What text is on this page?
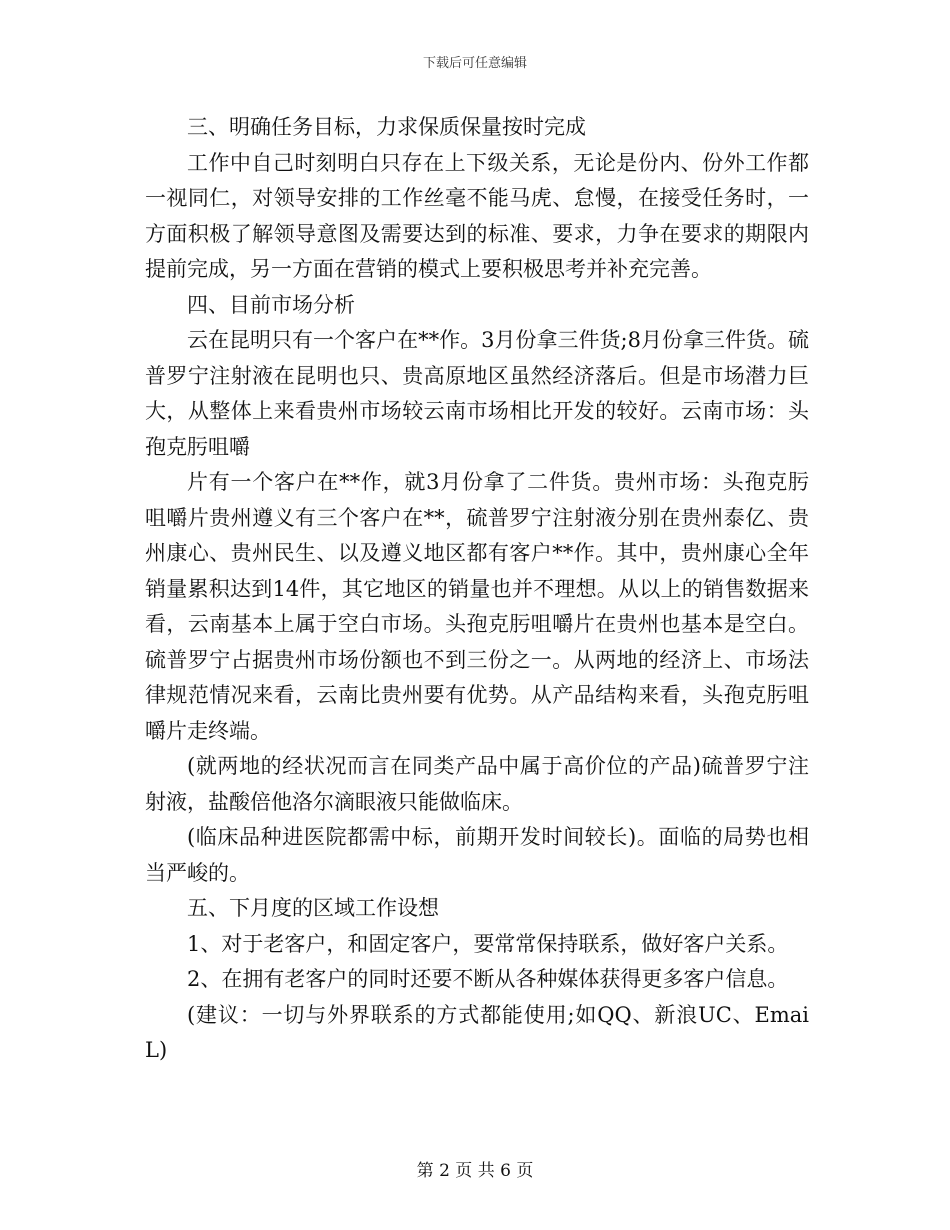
下载后可任意编辑

三、明确任务目标，力求保质保量按时完成

工作中自己时刻明白只存在上下级关系，无论是份内、份外工作都一视同仁，对领导安排的工作丝毫不能马虎、怠慢，在接受任务时，一方面积极了解领导意图及需要达到的标准、要求，力争在要求的期限内提前完成，另一方面在营销的模式上要积极思考并补充完善。

四、目前市场分析

云在昆明只有一个客户在**作。3月份拿三件货;8月份拿三件货。硫普罗宁注射液在昆明也只、贵高原地区虽然经济落后。但是市场潜力巨大，从整体上来看贵州市场较云南市场相比开发的较好。云南市场：头孢克肟咀嚼

片有一个客户在**作，就3月份拿了二件货。贵州市场：头孢克肟咀嚼片贵州遵义有三个客户在**，硫普罗宁注射液分别在贵州泰亿、贵州康心、贵州民生、以及遵义地区都有客户**作。其中，贵州康心全年销量累积达到14件，其它地区的销量也并不理想。从以上的销售数据来看，云南基本上属于空白市场。头孢克肟咀嚼片在贵州也基本是空白。硫普罗宁占据贵州市场份额也不到三份之一。从两地的经济上、市场法律规范情况来看，云南比贵州要有优势。从产品结构来看，头孢克肟咀嚼片走终端。

(就两地的经状况而言在同类产品中属于高价位的产品)硫普罗宁注射液，盐酸倍他洛尔滴眼液只能做临床。

(临床品种进医院都需中标，前期开发时间较长)。面临的局势也相当严峻的。

五、下月度的区域工作设想

1、对于老客户，和固定客户，要常常保持联系，做好客户关系。

2、在拥有老客户的同时还要不断从各种媒体获得更多客户信息。

(建议：一切与外界联系的方式都能使用;如QQ、新浪UC、EmaiL)

第 2 页 共 6 页
